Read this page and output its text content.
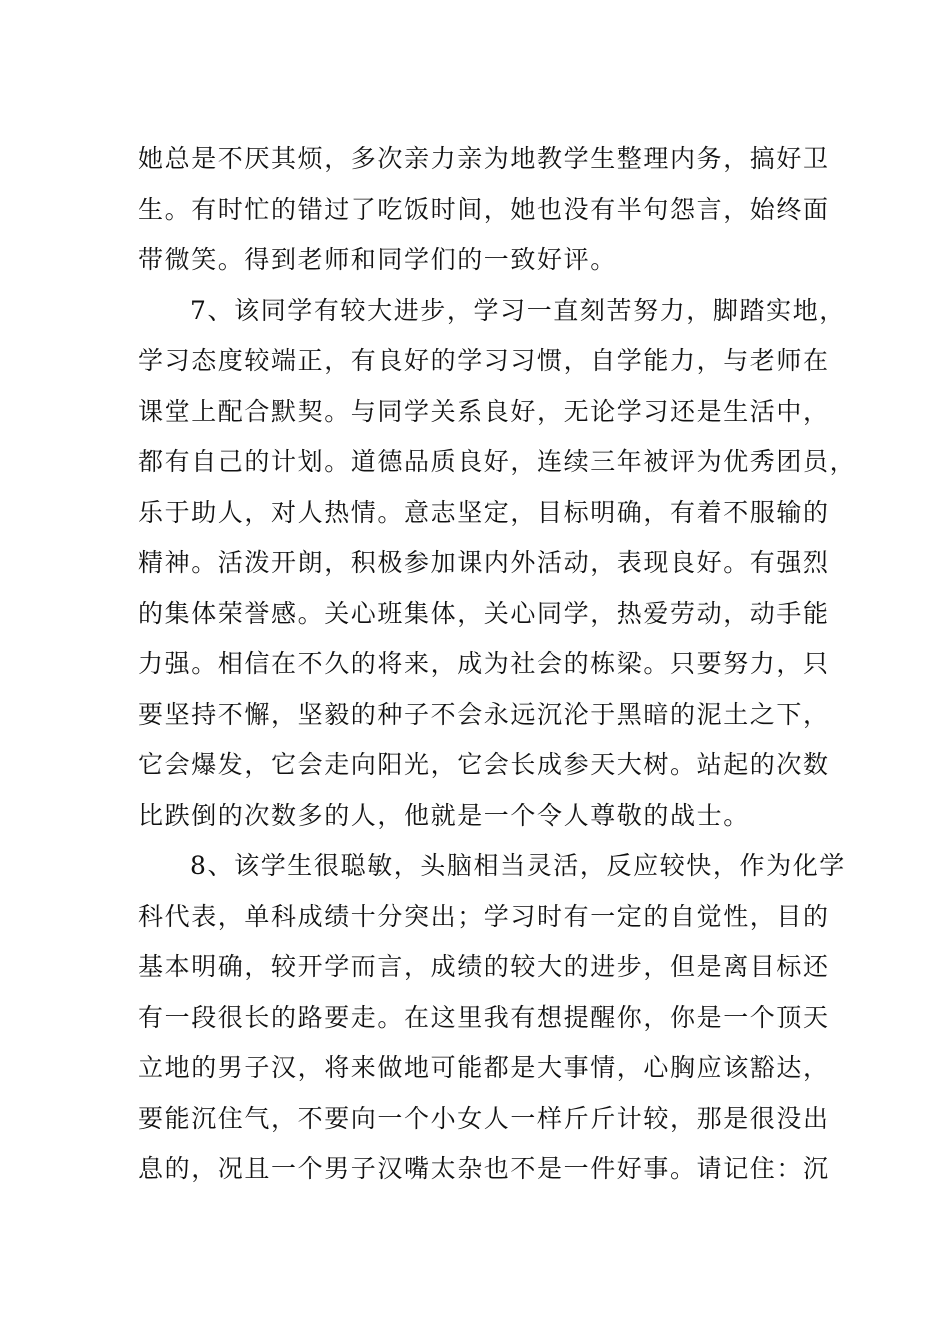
她总是不厌其烦，多次亲力亲为地教学生整理内务，搞好卫
生。有时忙的错过了吃饭时间，她也没有半句怨言，始终面
带微笑。得到老师和同学们的一致好评。
7、该同学有较大进步，学习一直刻苦努力，脚踏实地，
学习态度较端正，有良好的学习习惯，自学能力，与老师在
课堂上配合默契。与同学关系良好，无论学习还是生活中，
都有自己的计划。道德品质良好，连续三年被评为优秀团员，
乐于助人，对人热情。意志坚定，目标明确，有着不服输的
精神。活泼开朗，积极参加课内外活动，表现良好。有强烈
的集体荣誉感。关心班集体，关心同学，热爱劳动，动手能
力强。相信在不久的将来，成为社会的栋梁。只要努力，只
要坚持不懈，坚毅的种子不会永远沉沦于黑暗的泥土之下，
它会爆发，它会走向阳光，它会长成参天大树。站起的次数
比跌倒的次数多的人，他就是一个令人尊敬的战士。
8、该学生很聪敏，头脑相当灵活，反应较快，作为化学
科代表，单科成绩十分突出；学习时有一定的自觉性，目的
基本明确，较开学而言，成绩的较大的进步，但是离目标还
有一段很长的路要走。在这里我有想提醒你，你是一个顶天
立地的男子汉，将来做地可能都是大事情，心胸应该豁达，
要能沉住气，不要向一个小女人一样斤斤计较，那是很没出
息的，况且一个男子汉嘴太杂也不是一件好事。请记住：沉
